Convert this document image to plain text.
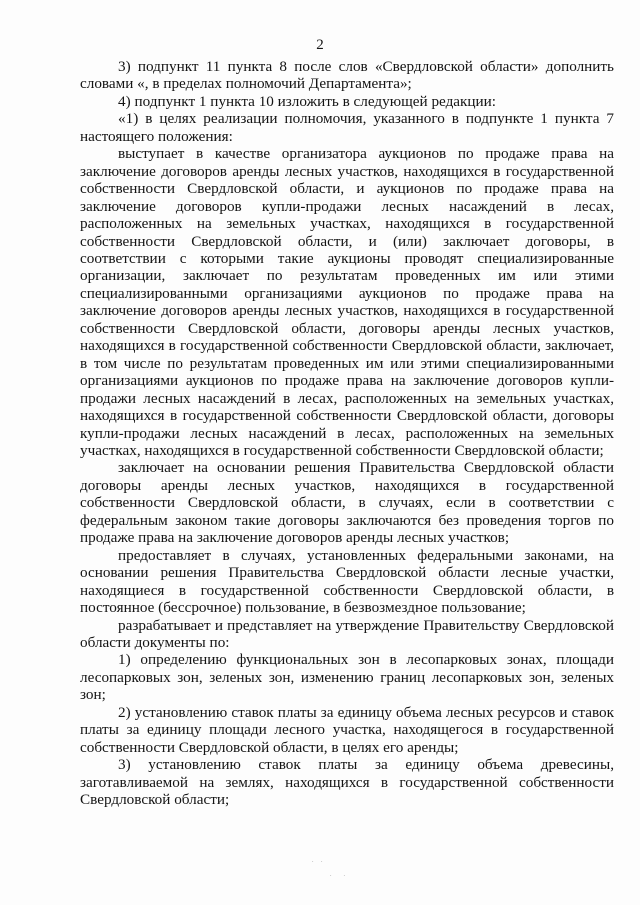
2

3) подпункт 11 пункта 8 после слов «Свердловской области» дополнить словами «, в пределах полномочий Департамента»;

4) подпункт 1 пункта 10 изложить в следующей редакции:

«1) в целях реализации полномочия, указанного в подпункте 1 пункта 7 настоящего положения:

выступает в качестве организатора аукционов по продаже права на заключение договоров аренды лесных участков, находящихся в государственной собственности Свердловской области, и аукционов по продаже права на заключение договоров купли-продажи лесных насаждений в лесах, расположенных на земельных участках, находящихся в государственной собственности Свердловской области, и (или) заключает договоры, в соответствии с которыми такие аукционы проводят специализированные организации, заключает по результатам проведенных им или этими специализированными организациями аукционов по продаже права на заключение договоров аренды лесных участков, находящихся в государственной собственности Свердловской области, договоры аренды лесных участков, находящихся в государственной собственности Свердловской области, заключает, в том числе по результатам проведенных им или этими специализированными организациями аукционов по продаже права на заключение договоров купли-продажи лесных насаждений в лесах, расположенных на земельных участках, находящихся в государственной собственности Свердловской области, договоры купли-продажи лесных насаждений в лесах, расположенных на земельных участках, находящихся в государственной собственности Свердловской области;

заключает на основании решения Правительства Свердловской области договоры аренды лесных участков, находящихся в государственной собственности Свердловской области, в случаях, если в соответствии с федеральным законом такие договоры заключаются без проведения торгов по продаже права на заключение договоров аренды лесных участков;

предоставляет в случаях, установленных федеральными законами, на основании решения Правительства Свердловской области лесные участки, находящиеся в государственной собственности Свердловской области, в постоянное (бессрочное) пользование, в безвозмездное пользование;

разрабатывает и представляет на утверждение Правительству Свердловской области документы по:

1) определению функциональных зон в лесопарковых зонах, площади лесопарковых зон, зеленых зон, изменению границ лесопарковых зон, зеленых зон;

2) установлению ставок платы за единицу объема лесных ресурсов и ставок платы за единицу площади лесного участка, находящегося в государственной собственности Свердловской области, в целях его аренды;

3) установлению ставок платы за единицу объема древесины, заготавливаемой на землях, находящихся в государственной собственности Свердловской области;

. .
.  .
